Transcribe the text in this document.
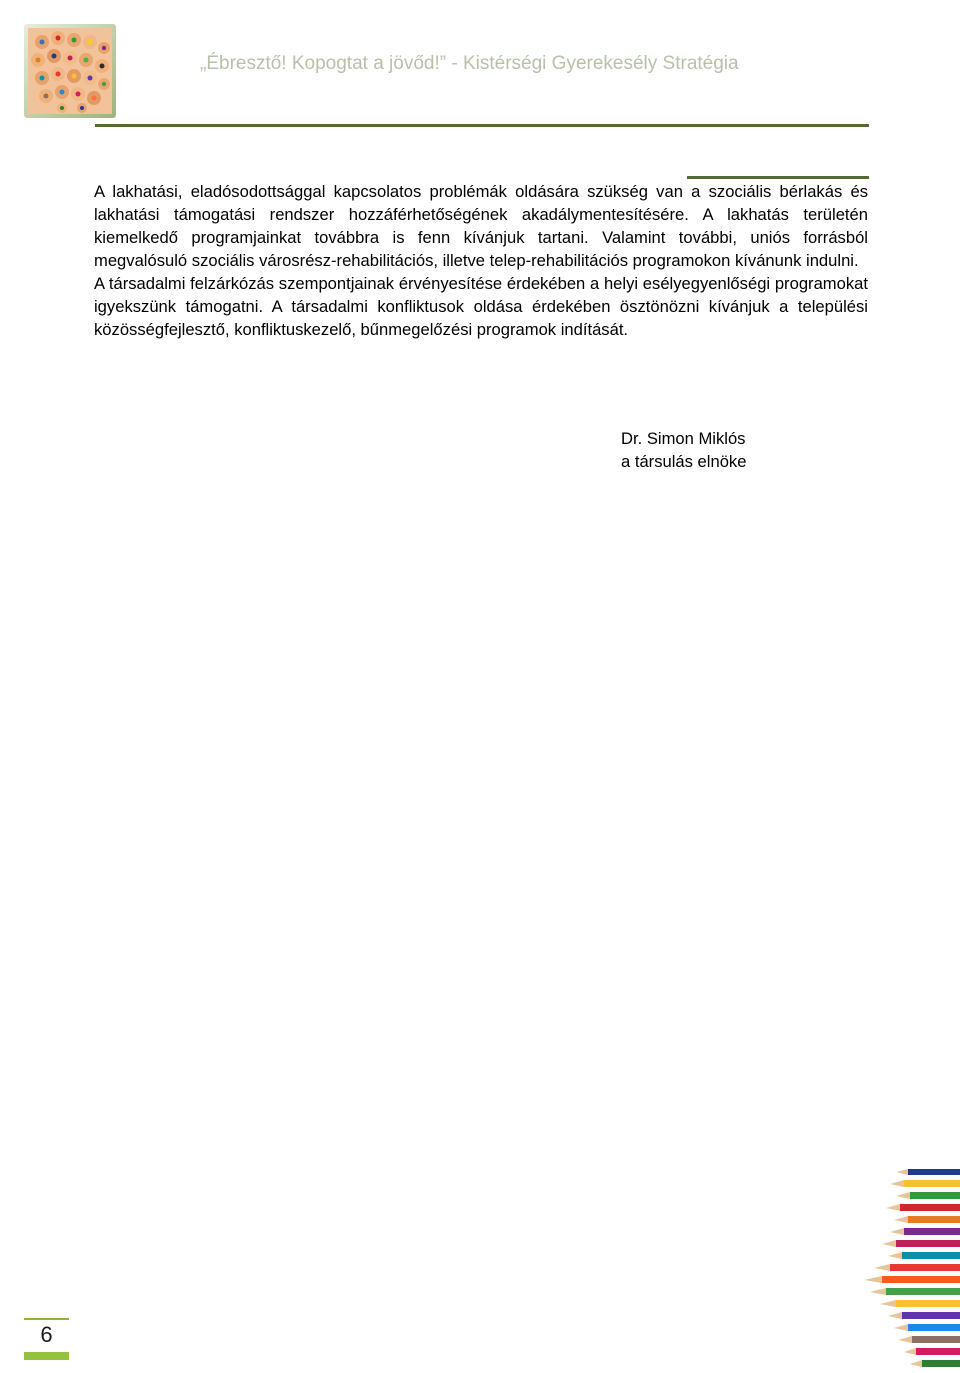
„Ébresztő! Kopogtat a jövőd!” - Kistérségi Gyerekesély Stratégia

A lakhatási, eladósodottsággal kapcsolatos problémák oldására szükség van a szociális bérlakás és lakhatási támogatási rendszer hozzáférhetőségének akadálymentesítésére. A lakhatás területén kiemelkedő programjainkat továbbra is fenn kívánjuk tartani. Valamint további, uniós forrásból megvalósuló szociális városrész-rehabilitációs, illetve telep-rehabilitációs programokon kívánunk indulni.

A társadalmi felzárkózás szempontjainak érvényesítése érdekében a helyi esélyegyenlőségi programokat igyekszünk támogatni. A társadalmi konfliktusok oldása érdekében ösztönözni kívánjuk a települési közösségfejlesztő, konfliktuskezelő, bűnmegelőzési programok indítását.

Dr. Simon Miklós
a társulás elnöke
6
